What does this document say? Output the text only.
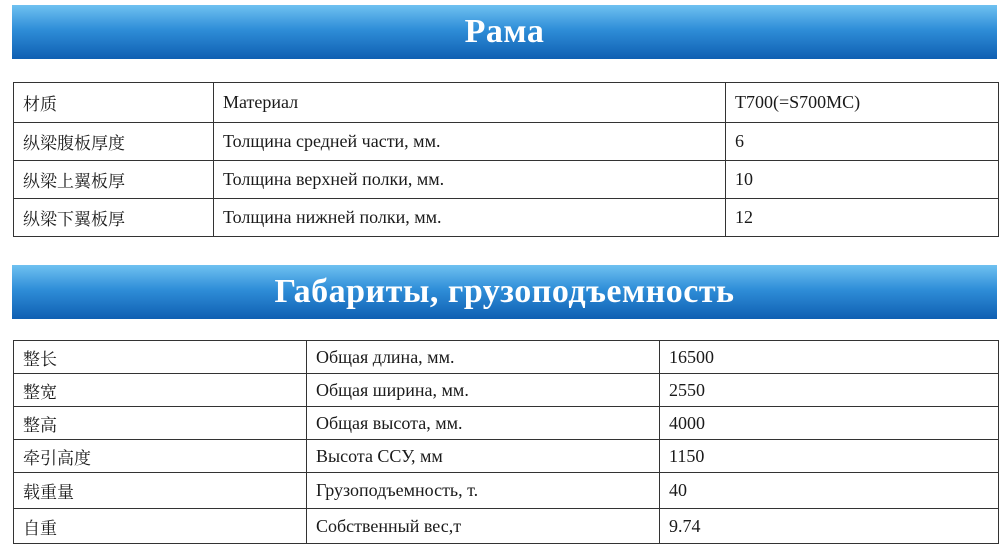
Рама
材质	Материал	T700(=S700MC)
纵梁腹板厚度	Толщина средней части, мм.	6
纵梁上翼板厚	Толщина верхней полки, мм.	10
纵梁下翼板厚	Толщина нижней полки, мм.	12
Габариты, грузоподъемность
整长	Общая длина, мм.	16500
整宽	Общая ширина, мм.	2550
整高	Общая высота, мм.	4000
牵引高度	Высота ССУ, мм	1150
载重量	Грузоподъемность, т.	40
自重	Собственный вес,т	9.74
